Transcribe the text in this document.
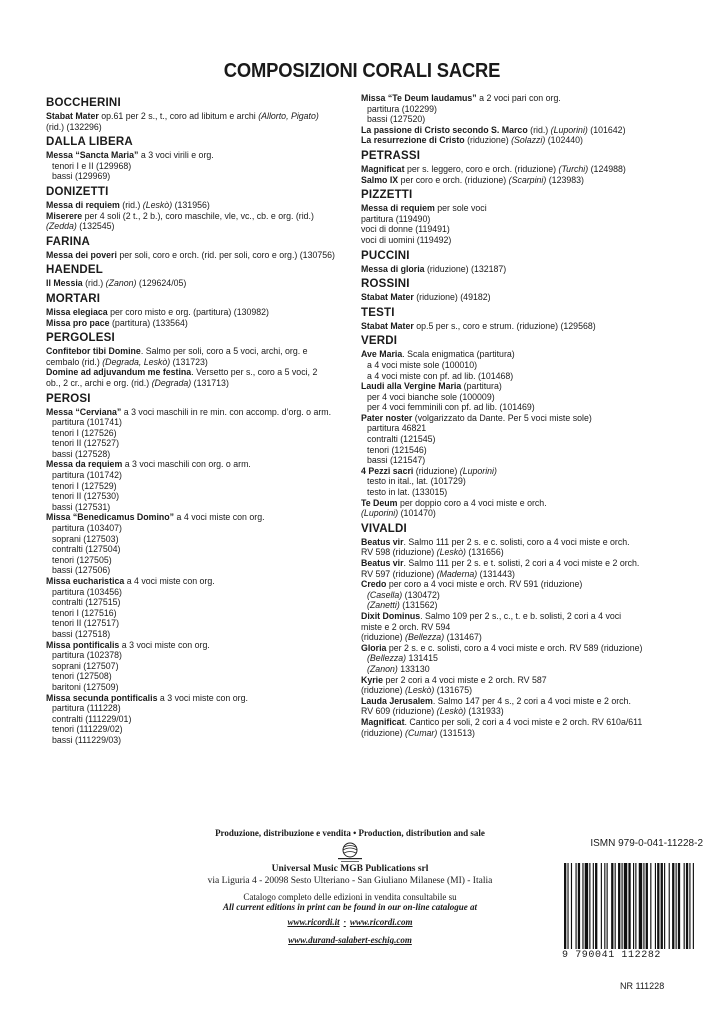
COMPOSIZIONI CORALI SACRE
BOCCHERINI
Stabat Mater op.61 per 2 s., t., coro ad libitum e archi (Allorto, Pigato)
(rid.) (132296)
DALLA LIBERA
Messa “Sancta Maria” a 3 voci virili e org.
tenori I e II (129968)
bassi (129969)
DONIZETTI
Messa di requiem (rid.) (Leskò) (131956)
Miserere per 4 soli (2 t., 2 b.), coro maschile, vle, vc., cb. e org. (rid.)
(Zedda) (132545)
FARINA
Messa dei poveri per soli, coro e orch. (rid. per soli, coro e org.) (130756)
HAENDEL
Il Messia (rid.) (Zanon) (129624/05)
MORTARI
Missa elegiaca per coro misto e org. (partitura) (130982)
Missa pro pace (partitura) (133564)
PERGOLESI
Confitebor tibi Domine. Salmo per soli, coro a 5 voci, archi, org. e
cembalo (rid.) (Degrada, Leskò) (131723)
Domine ad adjuvandum me festina. Versetto per s., coro a 5 voci, 2
ob., 2 cr., archi e org. (rid.) (Degrada) (131713)
PEROSI
Messa “Cerviana” a 3 voci maschili in re min. con accomp. d’org. o arm.
partitura (101741)
tenori I (127526)
tenori II (127527)
bassi (127528)
Messa da requiem a 3 voci maschili con org. o arm.
partitura (101742)
tenori I (127529)
tenori II (127530)
bassi (127531)
Missa “Benedicamus Domino” a 4 voci miste con org.
partitura (103407)
soprani (127503)
contralti (127504)
tenori (127505)
bassi (127506)
Missa eucharistica a 4 voci miste con org.
partitura (103456)
contralti (127515)
tenori I (127516)
tenori II (127517)
bassi (127518)
Missa pontificalis a 3 voci miste con org.
partitura (102378)
soprani (127507)
tenori (127508)
baritoni (127509)
Missa secunda pontificalis a 3 voci miste con org.
partitura (111228)
contralti (111229/01)
tenori (111229/02)
bassi (111229/03)
Missa “Te Deum laudamus” a 2 voci pari con org.
partitura (102299)
bassi (127520)
La passione di Cristo secondo S. Marco (rid.) (Luporini) (101642)
La resurrezione di Cristo (riduzione) (Solazzi) (102440)
PETRASSI
Magnificat per s. leggero, coro e orch. (riduzione) (Turchi) (124988)
Salmo IX per coro e orch. (riduzione) (Scarpini) (123983)
PIZZETTI
Messa di requiem per sole voci
partitura (119490)
voci di donne (119491)
voci di uomini (119492)
PUCCINI
Messa di gloria (riduzione) (132187)
ROSSINI
Stabat Mater (riduzione) (49182)
TESTI
Stabat Mater op.5 per s., coro e strum. (riduzione) (129568)
VERDI
Ave Maria. Scala enigmatica (partitura)
a 4 voci miste sole (100010)
a 4 voci miste con pf. ad lib. (101468)
Laudi alla Vergine Maria (partitura)
per 4 voci bianche sole (100009)
per 4 voci femminili con pf. ad lib. (101469)
Pater noster (volgarizzato da Dante. Per 5 voci miste sole)
partitura 46821
contralti (121545)
tenori (121546)
bassi (121547)
4 Pezzi sacri (riduzione) (Luporini)
testo in ital., lat. (101729)
testo in lat. (133015)
Te Deum per doppio coro a 4 voci miste e orch.
(Luporini) (101470)
VIVALDI
Beatus vir. Salmo 111 per 2 s. e c. solisti, coro a 4 voci miste e orch.
RV 598 (riduzione) (Leskò) (131656)
Beatus vir. Salmo 111 per 2 s. e t. solisti, 2 cori a 4 voci miste e 2 orch.
RV 597 (riduzione) (Maderna) (131443)
Credo per coro a 4 voci miste e orch. RV 591 (riduzione)
(Casella) (130472)
(Zanetti) (131562)
Dixit Dominus. Salmo 109 per 2 s., c., t. e b. solisti, 2 cori a 4 voci
miste e 2 orch. RV 594
(riduzione) (Bellezza) (131467)
Gloria per 2 s. e c. solisti, coro a 4 voci miste e orch. RV 589 (riduzione)
(Bellezza) 131415
(Zanon) 133130
Kyrie per 2 cori a 4 voci miste e 2 orch. RV 587
(riduzione) (Leskò) (131675)
Lauda Jerusalem. Salmo 147 per 4 s., 2 cori a 4 voci miste e 2 orch.
RV 609 (riduzione) (Leskò) (131933)
Magnificat. Cantico per soli, 2 cori a 4 voci miste e 2 orch. RV 610a/611
(riduzione) (Cumar) (131513)
Produzione, distribuzione e vendita • Production, distribution and sale
Universal Music MGB Publications srl
via Liguria 4 - 20098 Sesto Ulteriano - San Giuliano Milanese (MI) - Italia
Catalogo completo delle edizioni in vendita consultabile su
All current editions in print can be found in our on-line catalogue at
www.ricordi.it · www.ricordi.com
www.durand-salabert-eschig.com
ISMN 979-0-041-11228-2
9 790041 112282
NR 111228
